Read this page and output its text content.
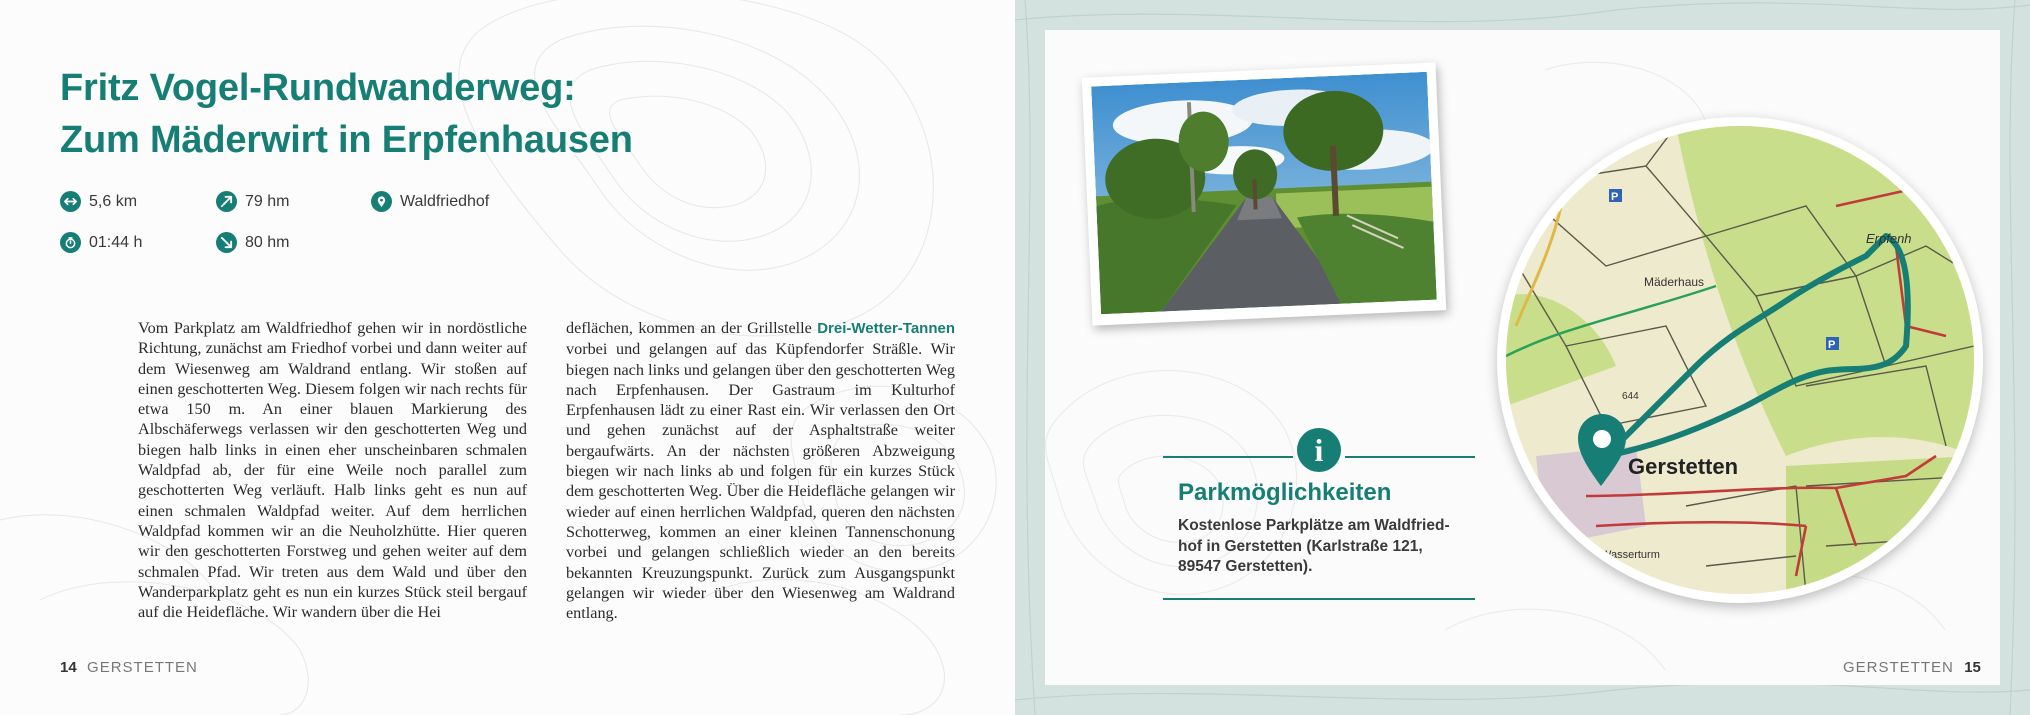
Fritz Vogel-Rundwanderweg:
Zum Mäderwirt in Erpfenhausen
5,6 km	79 hm	Waldfriedhof
01:44 h	80 hm

Vom Parkplatz am Waldfriedhof gehen wir in nordöstliche Richtung, zunächst am Friedhof vorbei und dann weiter auf dem Wiesenweg am Waldrand entlang. Wir stoßen auf einen geschotterten Weg. Diesem folgen wir nach rechts für etwa 150 m. An einer blauen Markierung des Albschäferwegs verlassen wir den geschotterten Weg und biegen halb links in einen eher unscheinbaren schmalen Waldpfad ab, der für eine Weile noch parallel zum geschotterten Weg verläuft. Halb links geht es nun auf einen schmalen Waldpfad weiter. Auf dem herrlichen Waldpfad kommen wir an die Neuholzhütte. Hier queren wir den geschotterten Forstweg und gehen weiter auf dem schmalen Pfad. Wir treten aus dem Wald und über den Wanderparkplatz geht es nun ein kurzes Stück steil bergauf auf die Heidefläche. Wir wandern über die Hei

deflächen, kommen an der Grillstelle Drei-Wetter-Tannen vorbei und gelangen auf das Küpfendorfer Sträßle. Wir biegen nach links und gelangen über den geschotterten Weg nach Erpfenhausen. Der Gastraum im Kulturhof Erpfenhausen lädt zu einer Rast ein. Wir verlassen den Ort und gehen zunächst auf der Asphaltstraße weiter bergaufwärts. An der nächsten größeren Abzweigung biegen wir nach links ab und folgen für ein kurzes Stück dem geschotterten Weg. Über die Heidefläche gelangen wir wieder auf einen herrlichen Waldpfad, queren den nächsten Schotterweg, kommen an einer kleinen Tannenschonung vorbei und gelangen schließlich wieder an den bereits bekannten Kreuzungspunkt. Zurück zum Ausgangspunkt gelangen wir wieder über den Wiesenweg am Waldrand entlang.

14 GERSTETTEN	GERSTETTEN 15
Gerstetten
Erpfenh
Mäderhaus
Wasserturm
644
P
P
i
Parkmöglichkeiten

Kostenlose Parkplätze am Waldfriedhof in Gerstetten (Karlstraße 121, 89547 Gerstetten).
